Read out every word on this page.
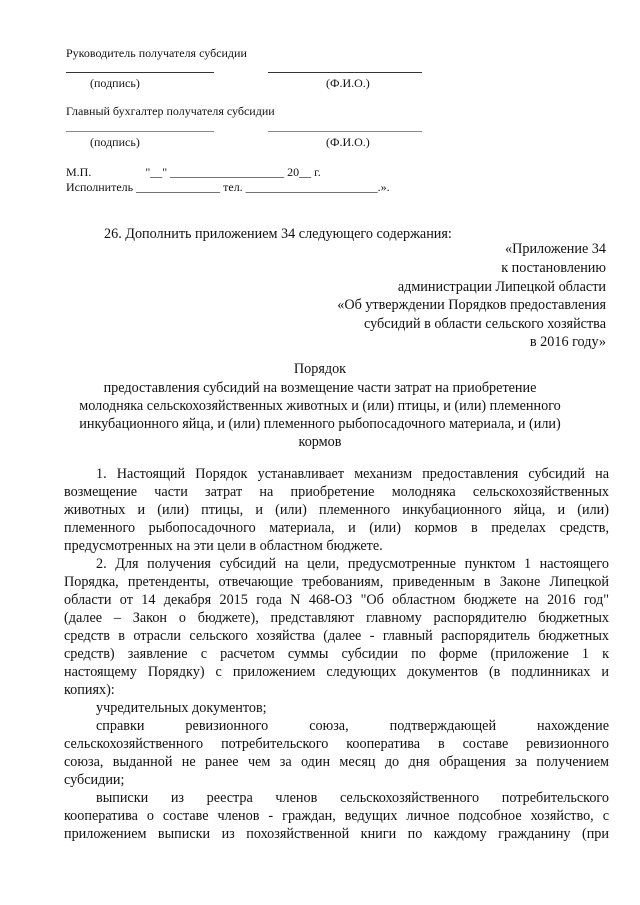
Руководитель получателя субсидии
(подпись)	(Ф.И.О.)
Главный бухгалтер получателя субсидии
(подпись)	(Ф.И.О.)
М.П.                  "__" ___________________ 20__ г.
Исполнитель ______________ тел. ______________________.».
26. Дополнить приложением 34 следующего содержания:
«Приложение 34
к постановлению
администрации Липецкой области
«Об утверждении Порядков предоставления
субсидий в области сельского хозяйства
в 2016 году»
Порядок
предоставления субсидий на возмещение части затрат на приобретение
молодняка сельскохозяйственных животных и (или) птицы, и (или) племенного
инкубационного яйца, и (или) племенного рыбопосадочного материала, и (или)
кормов
1. Настоящий Порядок устанавливает механизм предоставления субсидий на
возмещение части затрат на приобретение молодняка сельскохозяйственных
животных и (или) птицы, и (или) племенного инкубационного яйца, и (или)
племенного рыбопосадочного материала, и (или) кормов в пределах средств,
предусмотренных на эти цели в областном бюджете.
2. Для получения субсидий на цели, предусмотренные пунктом 1 настоящего
Порядка, претенденты, отвечающие требованиям, приведенным в Законе Липецкой
области от 14 декабря 2015 года N 468-ОЗ "Об областном бюджете на 2016 год"
(далее – Закон о бюджете), представляют главному распорядителю бюджетных
средств в отрасли сельского хозяйства (далее - главный распорядитель бюджетных
средств) заявление с расчетом суммы субсидии по форме (приложение 1 к
настоящему Порядку) с приложением следующих документов (в подлинниках и
копиях):
учредительных документов;
справки ревизионного союза, подтверждающей нахождение
сельскохозяйственного потребительского кооператива в составе ревизионного
союза, выданной не ранее чем за один месяц до дня обращения за получением
субсидии;
выписки из реестра членов сельскохозяйственного потребительского
кооператива о составе членов - граждан, ведущих личное подсобное хозяйство, с
приложением выписки из похозяйственной книги по каждому гражданину (при
